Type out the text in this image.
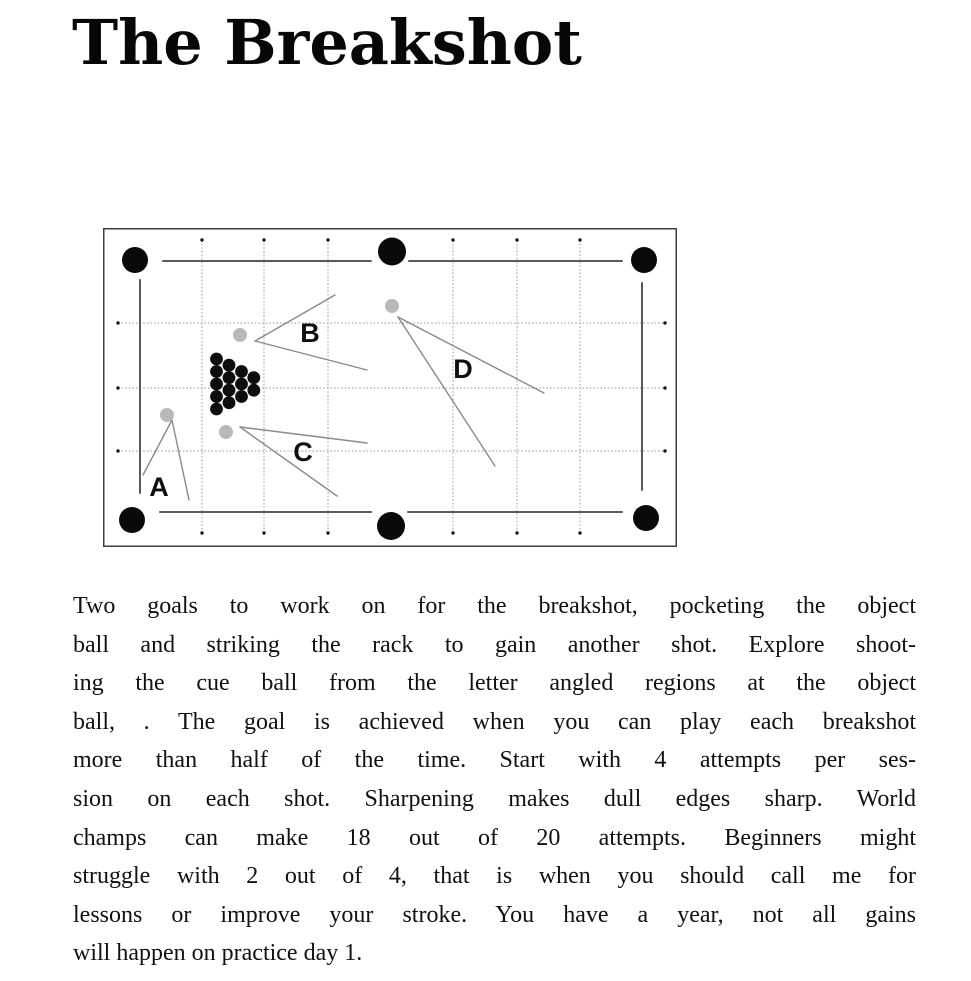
The Breakshot
A
B
C
D
Two goals to work on for the breakshot, pocketing the object
ball and striking the rack to gain another shot. Explore shoot-
ing the cue ball from the letter angled regions at the object
ball, . The goal is achieved when you can play each breakshot
more than half of the time. Start with 4 attempts per ses-
sion on each shot. Sharpening makes dull edges sharp. World
champs can make 18 out of 20 attempts. Beginners might
struggle with 2 out of 4, that is when you should call me for
lessons or improve your stroke. You have a year, not all gains
will happen on practice day 1.
